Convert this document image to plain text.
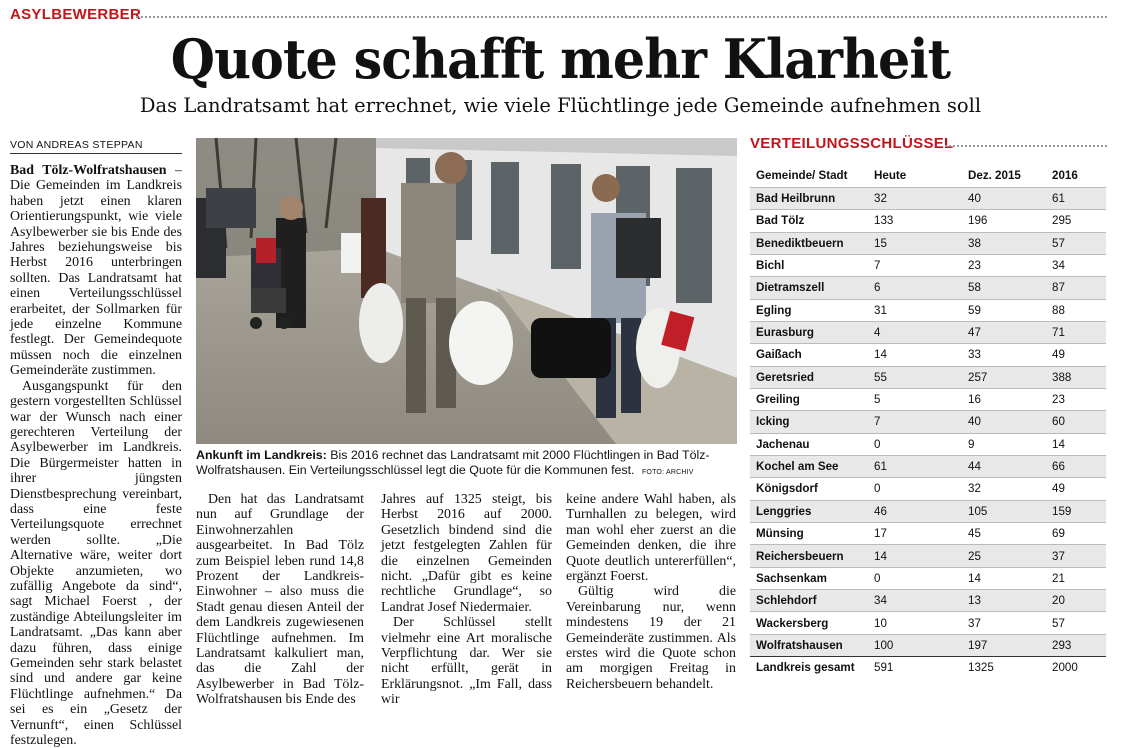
ASYLBEWERBER
Quote schafft mehr Klarheit
Das Landratsamt hat errechnet, wie viele Flüchtlinge jede Gemeinde aufnehmen soll
VON ANDREAS STEPPAN

Bad Tölz-Wolfratshausen – Die Gemeinden im Landkreis haben jetzt einen klaren Orientierungspunkt, wie viele Asylbewerber sie bis Ende des Jahres beziehungsweise bis Herbst 2016 unterbringen sollten. Das Landratsamt hat einen Verteilungsschlüssel erarbeitet, der Sollmarken für jede einzelne Kommune festlegt. Der Gemeindequote müssen noch die einzelnen Gemeinderäte zustimmen.

Ausgangspunkt für den gestern vorgestellten Schlüssel war der Wunsch nach einer gerechteren Verteilung der Asylbewerber im Landkreis. Die Bürgermeister hatten in ihrer jüngsten Dienstbesprechung vereinbart, dass eine feste Verteilungsquote errechnet werden sollte. „Die Alternative wäre, weiter dort Objekte anzumieten, wo zufällig Angebote da sind“, sagt Michael Foerst , der zuständige Abteilungsleiter im Landratsamt. „Das kann aber dazu führen, dass einige Gemeinden sehr stark belastet sind und andere gar keine Flüchtlinge aufnehmen.“ Da sei es ein „Gesetz der Vernunft“, einen Schlüssel festzulegen.

Ankunft im Landkreis: Bis 2016 rechnet das Landratsamt mit 2000 Flüchtlingen in Bad Tölz-Wolfratshausen. Ein Verteilungsschlüssel legt die Quote für die Kommunen fest. FOTO: ARCHIV

Den hat das Landratsamt nun auf Grundlage der Einwohnerzahlen ausgearbeitet. In Bad Tölz zum Beispiel leben rund 14,8 Prozent der Landkreis-Einwohner – also muss die Stadt genau diesen Anteil der dem Landkreis zugewiesenen Flüchtlinge aufnehmen. Im Landratsamt kalkuliert man, das die Zahl der Asylbewerber in Bad Tölz-Wolfratshausen bis Ende des

Jahres auf 1325 steigt, bis Herbst 2016 auf 2000. Gesetzlich bindend sind die jetzt festgelegten Zahlen für die einzelnen Gemeinden nicht. „Dafür gibt es keine rechtliche Grundlage“, so Landrat Josef Niedermaier.

Der Schlüssel stellt vielmehr eine Art moralische Verpflichtung dar. Wer sie nicht erfüllt, gerät in Erklärungsnot. „Im Fall, dass wir

keine andere Wahl haben, als Turnhallen zu belegen, wird man wohl eher zuerst an die Gemeinden denken, die ihre Quote deutlich untererfüllen“, ergänzt Foerst.

Gültig wird die Vereinbarung nur, wenn mindestens 19 der 21 Gemeinderäte zustimmen. Als erstes wird die Quote schon am morgigen Freitag in Reichersbeuern behandelt.

VERTEILUNGSSCHLÜSSEL
Gemeinde/ Stadt	Heute	Dez. 2015	2016
Bad Heilbrunn	32	40	61
Bad Tölz	133	196	295
Benediktbeuern	15	38	57
Bichl	7	23	34
Dietramszell	6	58	87
Egling	31	59	88
Eurasburg	4	47	71
Gaißach	14	33	49
Geretsried	55	257	388
Greiling	5	16	23
Icking	7	40	60
Jachenau	0	9	14
Kochel am See	61	44	66
Königsdorf	0	32	49
Lenggries	46	105	159
Münsing	17	45	69
Reichersbeuern	14	25	37
Sachsenkam	0	14	21
Schlehdorf	34	13	20
Wackersberg	10	37	57
Wolfratshausen	100	197	293
Landkreis gesamt	591	1325	2000
